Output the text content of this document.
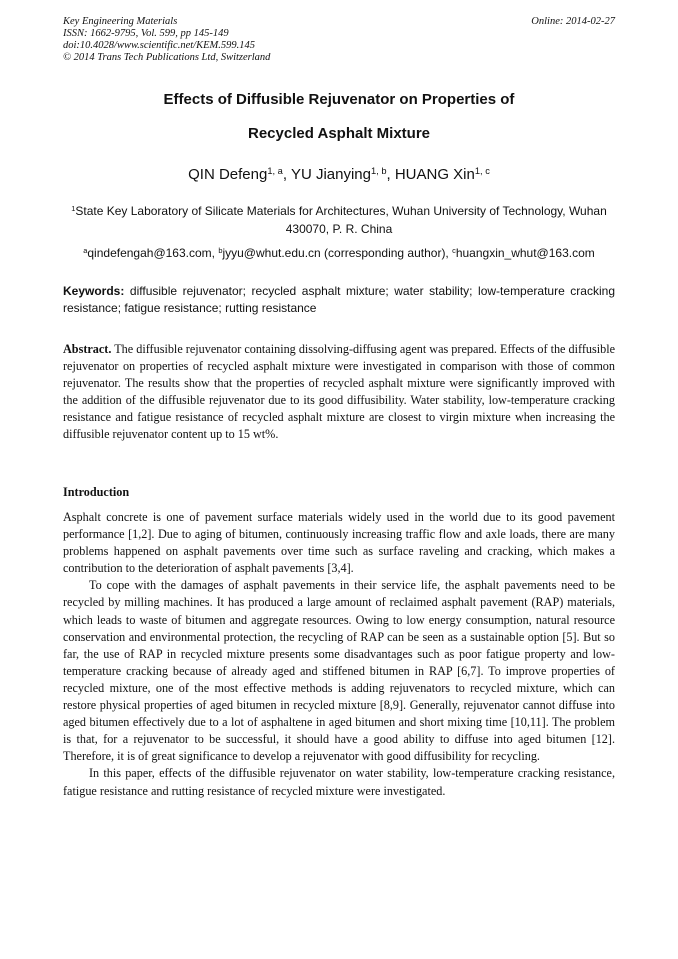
Key Engineering Materials
ISSN: 1662-9795, Vol. 599, pp 145-149
doi:10.4028/www.scientific.net/KEM.599.145
© 2014 Trans Tech Publications Ltd, Switzerland
Online: 2014-02-27
Effects of Diffusible Rejuvenator on Properties of
Recycled Asphalt Mixture
QIN Defeng$^{1, a}$, YU Jianying$^{1, b}$, HUANG Xin$^{1, c}$
$^1$State Key Laboratory of Silicate Materials for Architectures, Wuhan University of Technology, Wuhan 430070, P. R. China
$^a$qindefengah@163.com, $^b$jyyu@whut.edu.cn (corresponding author), $^c$huangxin_whut@163.com
Keywords: diffusible rejuvenator; recycled asphalt mixture; water stability; low-temperature cracking resistance; fatigue resistance; rutting resistance
Abstract. The diffusible rejuvenator containing dissolving-diffusing agent was prepared. Effects of the diffusible rejuvenator on properties of recycled asphalt mixture were investigated in comparison with those of common rejuvenator. The results show that the properties of recycled asphalt mixture were significantly improved with the addition of the diffusible rejuvenator due to its good diffusibility. Water stability, low-temperature cracking resistance and fatigue resistance of recycled asphalt mixture are closest to virgin mixture when increasing the diffusible rejuvenator content up to 15 wt%.
Introduction

Asphalt concrete is one of pavement surface materials widely used in the world due to its good pavement performance [1,2]. Due to aging of bitumen, continuously increasing traffic flow and axle loads, there are many problems happened on asphalt pavements over time such as surface raveling and cracking, which makes a contribution to the deterioration of asphalt pavements [3,4].

To cope with the damages of asphalt pavements in their service life, the asphalt pavements need to be recycled by milling machines. It has produced a large amount of reclaimed asphalt pavement (RAP) materials, which leads to waste of bitumen and aggregate resources. Owing to low energy consumption, natural resource conservation and environmental protection, the recycling of RAP can be seen as a sustainable option [5]. But so far, the use of RAP in recycled mixture presents some disadvantages such as poor fatigue property and low-temperature cracking because of already aged and stiffened bitumen in RAP [6,7]. To improve properties of recycled mixture, one of the most effective methods is adding rejuvenators to recycled mixture, which can restore physical properties of aged bitumen in recycled mixture [8,9]. Generally, rejuvenator cannot diffuse into aged bitumen effectively due to a lot of asphaltene in aged bitumen and short mixing time [10,11]. The problem is that, for a rejuvenator to be successful, it should have a good ability to diffuse into aged bitumen [12]. Therefore, it is of great significance to develop a rejuvenator with good diffusibility for recycling.

In this paper, effects of the diffusible rejuvenator on water stability, low-temperature cracking resistance, fatigue resistance and rutting resistance of recycled mixture were investigated.
